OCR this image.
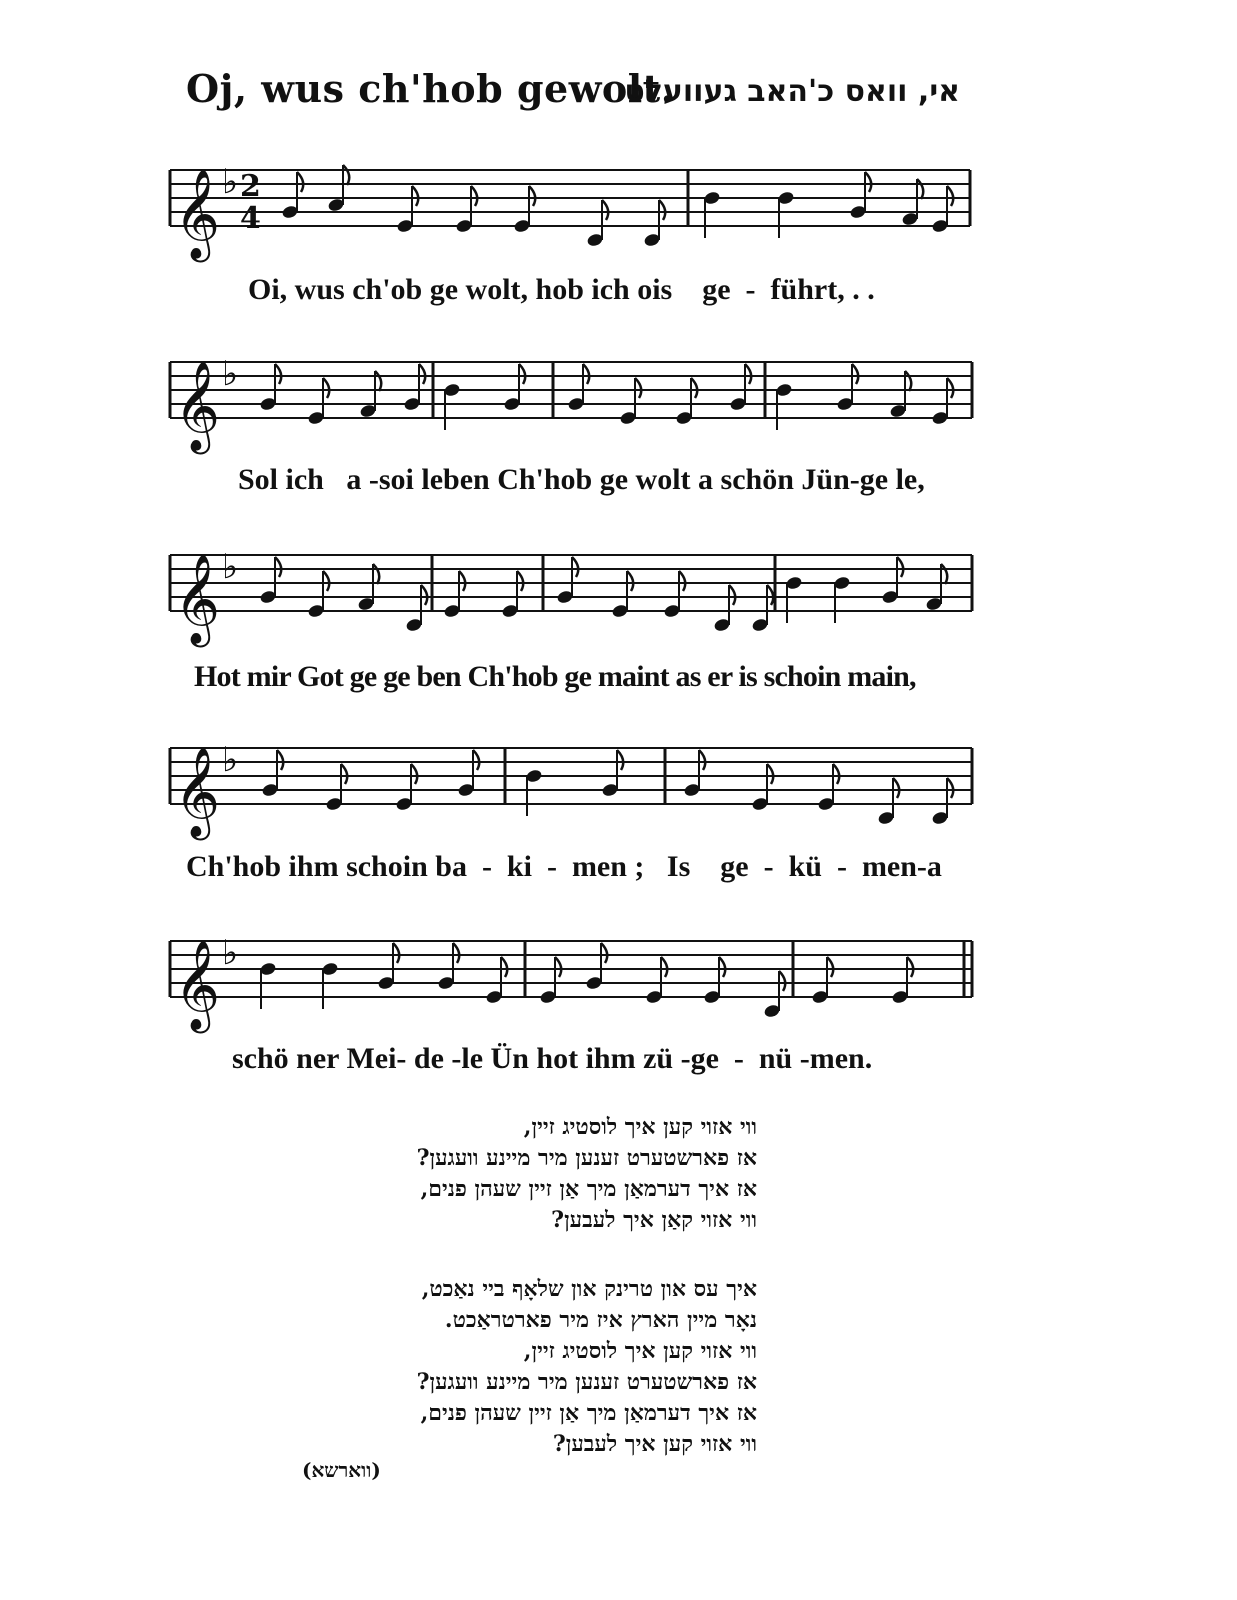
Oj, wus ch'hob gewolt.
אי, וואס כ'האב געוועלט
𝄞 ♭ 2
4
𝄞 ♭
𝄞 ♭
𝄞 ♭
𝄞 ♭
Oi, wus ch'ob ge wolt, hob ich ois    ge  -  führt, . .
Sol ich   a -soi leben Ch'hob ge wolt a schön Jün-ge le,
Hot mir Got ge ge ben Ch'hob ge maint as er is schoin main,
Ch'hob ihm schoin ba  -  ki  -  men ;   Is    ge  -  kü  -  men-a
schö ner Mei- de -le Ün hot ihm zü -ge  -  nü -men.
ווי אזוי קען איך לוסטיג זיין,
אז פארשטערט זענען מיר מיינע וועגען?
אז איך דערמאַן מיך אַן זיין שעהן פנים,
ווי אזוי קאַן איך לעבען?
איך עס און טרינק און שלאָף ביי נאַכט,
נאָר מיין הארץ איז מיר פארטראַכט.
ווי אזוי קען איך לוסטיג זיין,
אז פארשטערט זענען מיר מיינע וועגען?
אז איך דערמאַן מיך אַן זיין שעהן פנים,
ווי אזוי קען איך לעבען?
(ווארשא)
